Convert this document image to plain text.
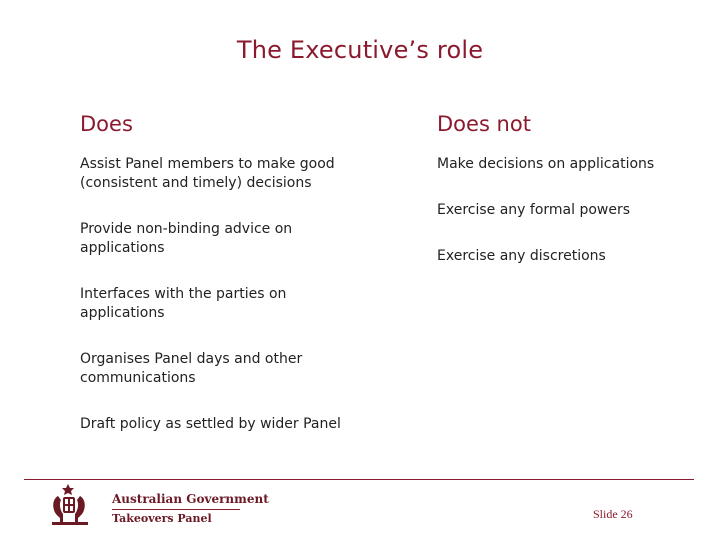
The Executive’s role
Does	Does not
Assist Panel members to make good (consistent and timely) decisions
Provide non-binding advice on applications
Interfaces with the parties on applications
Organises Panel days and other communications
Draft policy as settled by wider Panel
Make decisions on applications
Exercise any formal powers
Exercise any discretions
Australian Government
Takeovers Panel	Slide 26
